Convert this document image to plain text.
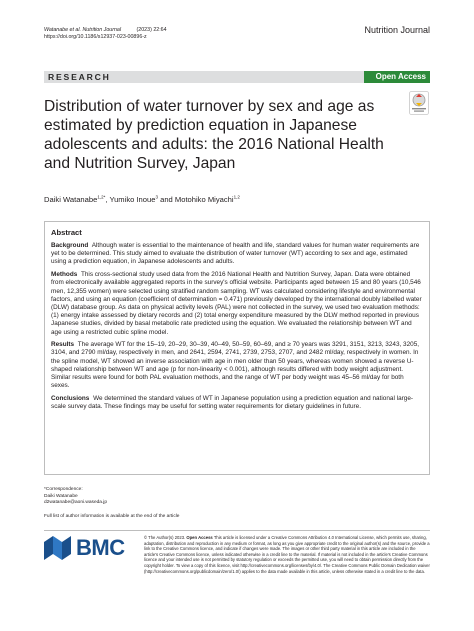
Watanabe et al. Nutrition Journal	(2023) 22:64
https://doi.org/10.1186/s12937-023-00896-z
Nutrition Journal
RESEARCH	Open Access
Distribution of water turnover by sex and age as estimated by prediction equation in Japanese adolescents and adults: the 2016 National Health and Nutrition Survey, Japan
Daiki Watanabe$^{1,2*}$, Yumiko Inoue$^3$ and Motohiko Miyachi$^{1,2}$
Abstract

Background Although water is essential to the maintenance of health and life, standard values for human water requirements are yet to be determined. This study aimed to evaluate the distribution of water turnover (WT) according to sex and age, estimated using a prediction equation, in Japanese adolescents and adults.

Methods This cross-sectional study used data from the 2016 National Health and Nutrition Survey, Japan. Data were obtained from electronically available aggregated reports in the survey's official website. Participants aged between 15 and 80 years (10,546 men, 12,355 women) were selected using stratified random sampling. WT was calculated considering lifestyle and environmental factors, and using an equation (coefficient of determination = 0.471) previously developed by the international doubly labelled water (DLW) database group. As data on physical activity levels (PAL) were not collected in the survey, we used two evaluation methods: (1) energy intake assessed by dietary records and (2) total energy expenditure measured by the DLW method reported in previous Japanese studies, divided by basal metabolic rate predicted using the equation. We evaluated the relationship between WT and age using a restricted cubic spline model.

Results The average WT for the 15–19, 20–29, 30–39, 40–49, 50–59, 60–69, and ≥ 70 years was 3291, 3151, 3213, 3243, 3205, 3104, and 2790 ml/day, respectively in men, and 2641, 2594, 2741, 2739, 2753, 2707, and 2482 ml/day, respectively in women. In the spline model, WT showed an inverse association with age in men older than 50 years, whereas women showed a reverse U-shaped relationship between WT and age (p for non-linearity < 0.001), although results differed with body weight adjustment. Similar results were found for both PAL evaluation methods, and the range of WT per body weight was 45–56 ml/day for both sexes.

Conclusions We determined the standard values of WT in Japanese population using a prediction equation and national large-scale survey data. These findings may be useful for setting water requirements for dietary guidelines in future.

*Correspondence:
Daiki Watanabe
d2watanabe@aoni.waseda.jp
Full list of author information is available at the end of the article
BMC	© The Author(s) 2023. Open Access This article is licensed under a Creative Commons Attribution 4.0 International License, which permits use, sharing, adaptation, distribution and reproduction in any medium or format, as long as you give appropriate credit to the original author(s) and the source, provide a link to the Creative Commons licence, and indicate if changes were made. The images or other third party material in this article are included in the article's Creative Commons licence, unless indicated otherwise in a credit line to the material. If material is not included in the article's Creative Commons licence and your intended use is not permitted by statutory regulation or exceeds the permitted use, you will need to obtain permission directly from the copyright holder. To view a copy of this licence, visit http://creativecommons.org/licenses/by/4.0/. The Creative Commons Public Domain Dedication waiver (http://creativecommons.org/publicdomain/zero/1.0/) applies to the data made available in this article, unless otherwise stated in a credit line to the data.
